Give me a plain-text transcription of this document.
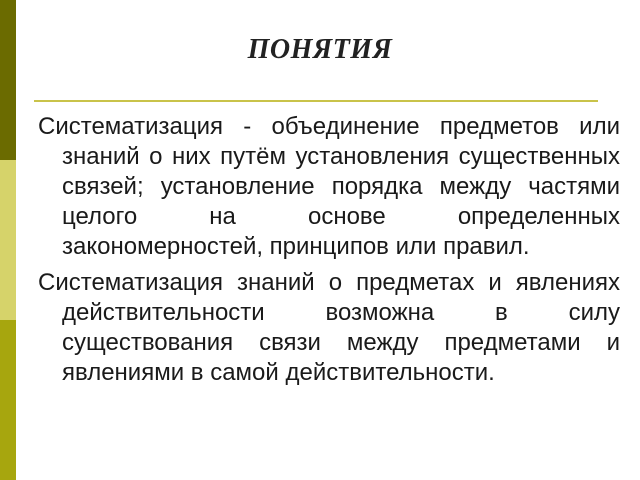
ПОНЯТИЯ

Систематизация - объединение предметов или знаний о них путём установления существенных связей; установление порядка между частями целого на основе определенных закономерностей, принципов или правил.

Систематизация знаний о предметах и явлениях действительности возможна в силу существования связи между предметами и явлениями в самой действительности.
